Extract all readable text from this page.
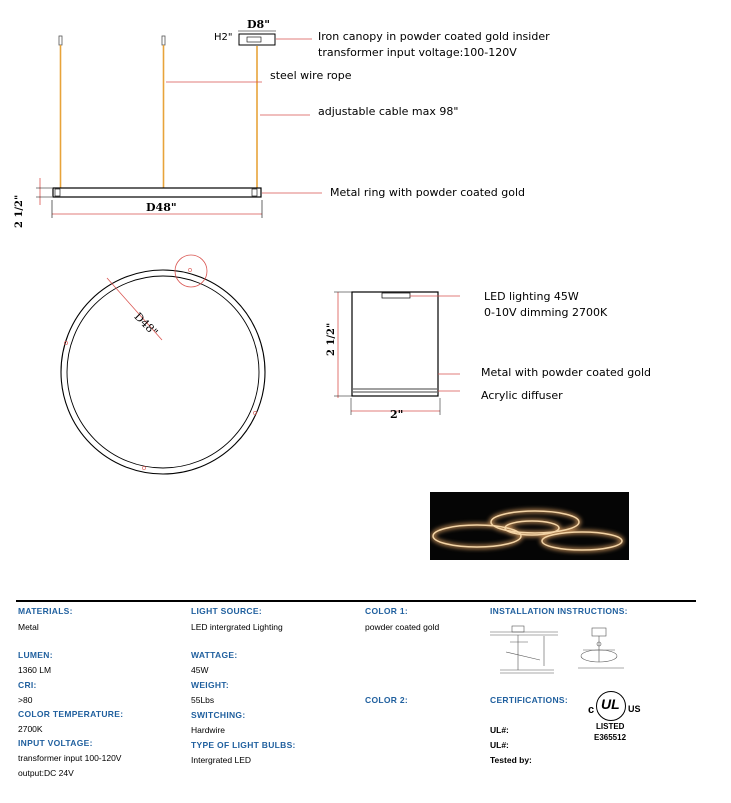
D8"
H2"
D48"
2 1/2"
Iron canopy in powder coated gold insider
transformer input voltage:100-120V
steel wire rope
adjustable cable max 98"
Metal ring with powder coated gold
D48"	2 1/2"
2"
LED lighting 45W
0-10V dimming 2700K
Metal with powder coated gold
Acrylic diffuser
MATERIALS:
Metal
LUMEN:
1360 LM
CRI:
>80
COLOR TEMPERATURE:
2700K
INPUT VOLTAGE:
transformer input 100-120V
output:DC 24V
LIGHT SOURCE:
LED intergrated Lighting
WATTAGE:
45W
WEIGHT:
55Lbs
SWITCHING:
Hardwire
TYPE OF LIGHT BULBS:
Intergrated LED
COLOR 1:
powder coated gold
COLOR 2:
INSTALLATION INSTRUCTIONS:
CERTIFICATIONS:
UL#:
UL#:
Tested by:
c UL US
LISTED
E365512
